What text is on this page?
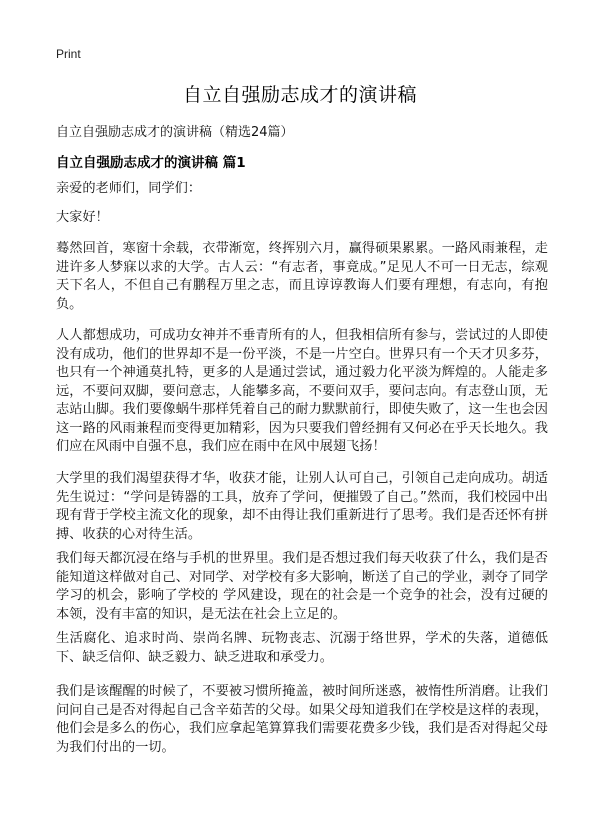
Print
自立自强励志成才的演讲稿
自立自强励志成才的演讲稿（精选24篇）
自立自强励志成才的演讲稿 篇1

亲爱的老师们，同学们：

大家好！

蓦然回首，寒窗十余载，衣带渐宽，终挥别六月，赢得硕果累累。一路风雨兼程，走进许多人梦寐以求的大学。古人云：“有志者，事竟成。”足见人不可一日无志，综观天下名人，不但自己有鹏程万里之志，而且谆谆教诲人们要有理想，有志向，有抱负。

人人都想成功，可成功女神并不垂青所有的人，但我相信所有参与，尝试过的人即使没有成功，他们的世界却不是一份平淡，不是一片空白。世界只有一个天才贝多芬，也只有一个神通莫扎特，更多的人是通过尝试，通过毅力化平淡为辉煌的。人能走多远，不要问双脚，要问意志，人能攀多高，不要问双手，要问志向。有志登山顶，无志站山脚。我们要像蜗牛那样凭着自己的耐力默默前行，即使失败了，这一生也会因这一路的风雨兼程而变得更加精彩，因为只要我们曾经拥有又何必在乎天长地久。我们应在风雨中自强不息，我们应在雨中在风中展翅飞扬！

大学里的我们渴望获得才华，收获才能，让别人认可自己，引领自己走向成功。胡适先生说过：“学问是铸器的工具，放弃了学问，便摧毁了自己。”然而，我们校园中出现有背于学校主流文化的现象，却不由得让我们重新进行了思考。我们是否还怀有拼搏、收获的心对待生活。

我们每天都沉浸在络与手机的世界里。我们是否想过我们每天收获了什么，我们是否能知道这样做对自己、对同学、对学校有多大影响，断送了自己的学业，剥夺了同学学习的机会，影响了学校的 学风建设，现在的社会是一个竞争的社会，没有过硬的本领，没有丰富的知识，是无法在社会上立足的。

生活腐化、追求时尚、崇尚名牌、玩物丧志、沉溺于络世界，学术的失落，道德低下、缺乏信仰、缺乏毅力、缺乏进取和承受力。

我们是该醒醒的时候了，不要被习惯所掩盖，被时间所迷惑，被惰性所消磨。让我们问问自己是否对得起自己含辛茹苦的父母。如果父母知道我们在学校是这样的表现，他们会是多么的伤心，我们应拿起笔算算我们需要花费多少钱，我们是否对得起父母为我们付出的一切。
